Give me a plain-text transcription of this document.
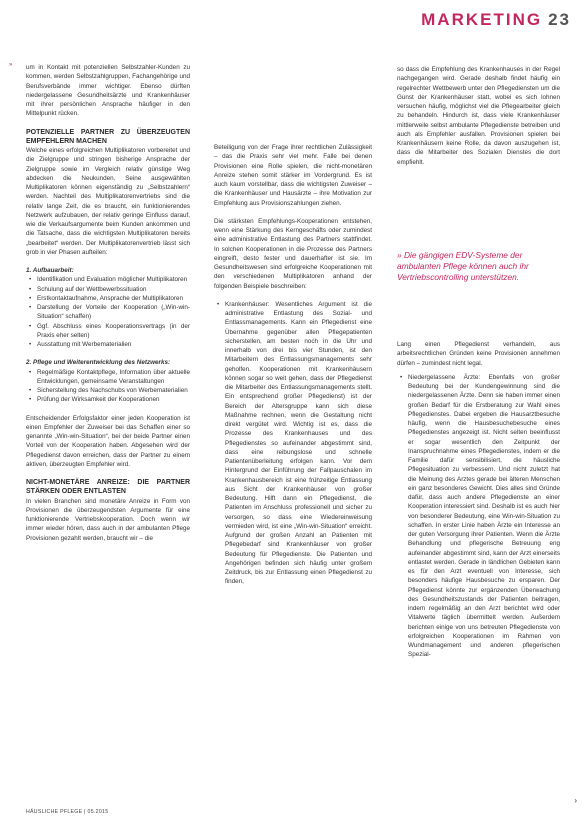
MARKETING 23
» um in Kontakt mit potenziellen Selbstzahler-Kunden zu kommen, werden Selbstzahlgruppen, Fachangehörige und Berufsverbände immer wichtiger. Ebenso dürften niedergelassene Gesundheitsärzte und Krankenhäuser mit ihrer persönlichen Ansprache häufiger in den Mittelpunkt rücken.

POTENZIELLE PARTNER ZU ÜBERZEUGTEN EMPFEHLERN MACHEN

Welche eines erfolgreichen Multiplikatoren vorbereitet und die Zielgruppe und stringen bisherige Ansprache der Zielgruppe sowie im Vergleich relativ günstige Weg abdecken die Neukunden. Seine ausgewählten Multiplikatoren können eigenständig zu „Selbstzahlern“ werden. Nachteil des Multiplikatorenvertriebs sind die relativ lange Zeit, die es braucht, ein funktionierendes Netzwerk aufzubauen, der relativ geringe Einfluss darauf, wie die Verkaufsargumente beim Kunden ankommen und die Tatsache, dass die wichtigsten Multiplikatoren bereits „bearbeitet“ werden. Der Multiplikatorenvertrieb lässt sich grob in vier Phasen aufteilen:

1. Aufbauarbeit:

• Identifikation und Evaluation möglicher Multiplikatoren
• Schulung auf der Wettbewerbssituation
• Erstkontaktaufnahme, Ansprache der Multiplikatoren
• Darstellung der Vorteile der Kooperation („Win-win-Situation“ schaffen)
• Ggf. Abschluss eines Kooperationsvertrags (in der Praxis eher selten)
• Ausstattung mit Werbematerialien

2. Pflege und Weiterentwicklung des Netzwerks:

• Regelmäßige Kontaktpflege, Information über aktuelle Entwicklungen, gemeinsame Veranstaltungen
• Sicherstellung des Nachschubs von Werbematerialien
• Prüfung der Wirksamkeit der Kooperationen

Entscheidender Erfolgsfaktor einer jeden Kooperation ist einen Empfehler der Zuweiser bei das Schaffen einer so genannte „Win-win-Situation“, bei der beide Partner einen Vorteil von der Kooperation haben. Abgesehen wird der Pflegedienst davon erreichen, dass der Partner zu einem aktiven, überzeugten Empfehler wird.

NICHT-MONETÄRE ANREIZE: DIE PARTNER STÄRKEN ODER ENTLASTEN

In vielen Branchen sind monetäre Anreize in Form von Provisionen die überzeugendsten Argumente für eine funktionierende Vertriebskooperation. Doch wenn wir immer wieder hören, dass auch in der ambulanten Pflege Provisionen gezahlt werden, braucht wir – die

Beteiligung von der Frage ihrer rechtlichen Zulässigkeit – das die Praxis sehr viel mehr. Falle bei denen Provisionen eine Rolle spielen, die nicht-monetären Anreize stehen somit stärker im Vordergrund. Es ist auch kaum vorstellbar, dass die wichtigsten Zuweiser – die Krankenhäuser und Hausärzte – ihre Motivation zur Empfehlung aus Provisionszahlungen ziehen.

Die stärksten Empfehlungs-Kooperationen entstehen, wenn eine Stärkung des Kerngeschäfts oder zumindest eine administrative Entlastung des Partners stattfindet. In solchen Kooperationen in die Prozesse des Partners eingreift, desto fester und dauerhafter ist sie. Im Gesundheitswesen sind erfolgreiche Kooperationen mit den verschiedenen Multiplikatoren anhand der folgenden Beispiele beschreiben:

• Krankenhäuser: Wesentliches Argument ist die administrative Entlastung des Sozial- und Entlassmanagements. Kann ein Pflegedienst eine Übernahme gegenüber allen Pflegepatienten sicherstellen, am besten noch in die Uhr und innerhalb von drei bis vier Stunden, ist den Mitarbeitern des Entlassungsmanagements sehr geholfen. Kooperationen mit Krankenhäusern können sogar so weit gehen, dass der Pflegedienst die Mitarbeiter des Entlassungsmanagements stellt. Ein entsprechend großer Pflegedienst) ist der Bereich der Altersgruppe kann sich diese Maßnahme rechnen, wenn die Gestaltung nicht direkt vergütet wird. Wichtig ist es, dass die Prozesse des Krankenhauses und des Pflegedienstes so aufeinander abgestimmt sind, dass eine reibungslose und schnelle Patientenüberleitung erfolgen kann. Vor dem Hintergrund der Einführung der Fallpauschalen im Krankenhausbereich ist eine frühzeitige Entlassung aus Sicht der Krankenhäuser von großer Bedeutung. Hilft dann ein Pflegedienst, die Patienten im Anschluss professionell und sicher zu versorgen, so dass eine Wiedereinweisung vermieden wird, ist eine „Win-win-Situation“ erreicht. Aufgrund der großen Anzahl an Patienten mit Pflegebedarf sind Krankenhäuser von großer Bedeutung für Pflegedienste. Die Patienten und Angehörigen befinden sich häufig unter großem Zeitdruck, bis zur Entlassung einen Pflegedienst zu finden,

so dass die Empfehlung des Krankenhauses in der Regel nachgegangen wird. Gerade deshalb findet häufig ein regelrechter Wettbewerb unter den Pflegediensten um die Gunst der Krankenhäuser statt, wobei es sich lohnen versuchen häufig, möglichst viel die Pflegearbeiter gleich zu behandeln. Hindurch ist, dass viele Krankenhäuser mittlerweile selbst ambulante Pflegedienste betreiben und auch als Empfehler ausfallen. Provisionen spielen bei Krankenhäusern keine Rolle, da davon auszugehen ist, dass die Mitarbeiter des Sozialen Dienstes die dort empfiehlt.

» Die gängigen EDV-Systeme der ambulanten Pflege können auch ihr Vertriebscontrolling unterstützen.

Lang einen Pflegedienst verhandeln, aus arbeitsrechtlichen Gründen keine Provisionen annehmen dürfen – zumindest nicht legal.

• Niedergelassene Ärzte: Ebenfalls von großer Bedeutung bei der Kundengewinnung sind die niedergelassenen Ärzte. Denn sie haben immer einen großen Bedarf für die Erstberatung zur Wahl eines Pflegedienstes. Dabei ergeben die Hausarztbesuche häufig, wenn die Hausbesuchebesuche eines Pflegedienstes angezeigt ist. Nicht selten beeinflusst er sogar wesentlich den Zeitpunkt der Inanspruchnahme eines Pflegedienstes, indem er die Familie dafür sensibilisiert, die häusliche Pflegesituation zu verbessern. Und nicht zuletzt hat die Meinung des Arztes gerade bei älteren Menschen ein ganz besonderes Gewicht. Dies alles sind Gründe dafür, dass auch andere Pflegedienste an einer Kooperation interessiert sind. Deshalb ist es auch hier von besonderer Bedeutung, eine Win-win-Situation zu schaffen. In erster Linie haben Ärzte ein Interesse an der guten Versorgung ihrer Patienten. Wenn die Ärzte Behandlung und pflegerische Betreuung eng aufeinander abgestimmt sind, kann der Arzt einerseits entlastet werden. Gerade in ländlichen Gebieten kann es für den Arzt eventuell von Interesse, sich besonders häufige Hausbesuche zu ersparen. Der Pflegedienst könnte zur ergänzenden Überwachung des Gesundheitszustands der Patienten beitragen, indem regelmäßig an den Arzt berichtet wird oder Vitalwerte täglich übermittelt werden. Außerdem berichten einige von uns betreuten Pflegedienste von erfolgreichen Kooperationen im Rahmen von Wundmanagement und anderen pflegerischen Spezial-
›
HÄUSLICHE PFLEGE | 05.2015
